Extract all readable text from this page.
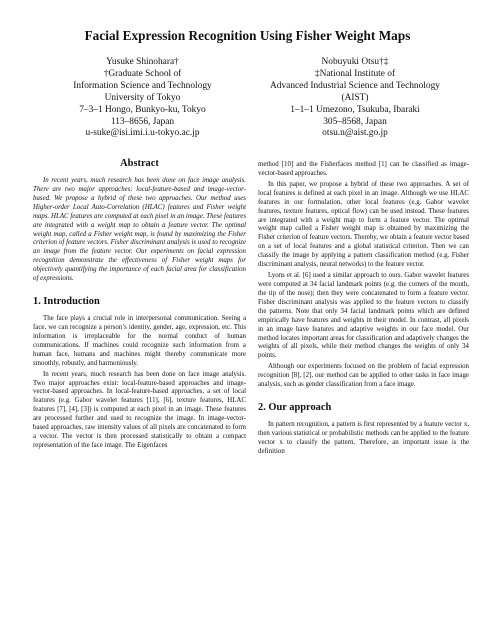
Facial Expression Recognition Using Fisher Weight Maps
Yusuke Shinohara†
†Graduate School of
Information Science and Technology
University of Tokyo
7–3–1 Hongo, Bunkyo-ku, Tokyo
113–8656, Japan
u-suke@isi.imi.i.u-tokyo.ac.jp
Nobuyuki Otsu†‡
‡National Institute of
Advanced Industrial Science and Technology
(AIST)
1–1–1 Umezono, Tsukuba, Ibaraki
305–8568, Japan
otsu.n@aist.go.jp
Abstract

In recent years, much research has been done on face image analysis. There are two major approaches: local-feature-based and image-vector-based. We propose a hybrid of these two approaches. Our method uses Higher-order Local Auto-Correlation (HLAC) features and Fisher weight maps. HLAC features are computed at each pixel in an image. These features are integrated with a weight map to obtain a feature vector. The optimal weight map, called a Fisher weight map, is found by maximizing the Fisher criterion of feature vectors. Fisher discriminant analysis is used to recognize an image from the feature vector. Our experiments on facial expression recognition demonstrate the effectiveness of Fisher weight maps for objectively quantifying the importance of each facial area for classification of expressions.

1. Introduction

The face plays a crucial role in interpersonal communication. Seeing a face, we can recognize a person’s identity, gender, age, expression, etc. This information is irreplaceable for the normal conduct of human communications. If machines could recognize such information from a human face, humans and machines might thereby communicate more smoothly, robustly, and harmoniously.

In recent years, much research has been done on face image analysis. Two major approaches exist: local-feature-based approaches and image-vector-based approaches. In local-feature-based approaches, a set of local features (e.g. Gabor wavelet features [11], [6], texture features, HLAC features [7], [4], [3]) is computed at each pixel in an image. These features are processed further and used to recognize the image. In image-vector-based approaches, raw intensity values of all pixels are concatenated to form a vector. The vector is then processed statistically to obtain a compact representation of the face image. The Eigenfaces

method [10] and the Fisherfaces method [1] can be classified as image-vector-based approaches.

In this paper, we propose a hybrid of these two approaches. A set of local features is defined at each pixel in an image. Although we use HLAC features in our formulation, other local features (e.g. Gabor wavelet features, texture features, optical flow) can be used instead. These features are integrated with a weight map to form a feature vector. The optimal weight map called a Fisher weight map is obtained by maximizing the Fisher criterion of feature vectors. Thereby, we obtain a feature vector based on a set of local features and a global statistical criterion. Then we can classify the image by applying a pattern classification method (e.g. Fisher discriminant analysis, neural networks) to the feature vector.

Lyons et al. [6] used a similar approach to ours. Gabor wavelet features were computed at 34 facial landmark points (e.g. the corners of the mouth, the tip of the nose); then they were concatenated to form a feature vector. Fisher discriminant analysis was applied to the feature vectors to classify the patterns. Note that only 34 facial landmark points which are defined empirically have features and weights in their model. In contrast, all pixels in an image have features and adaptive weights in our face model. Our method locates important areas for classification and adaptively changes the weights of all pixels, while their method changes the weights of only 34 points.

Although our experiments focused on the problem of facial expression recognition [8], [2], our method can be applied to other tasks in face image analysis, such as gender classification from a face image.

2. Our approach

In pattern recognition, a pattern is first represented by a feature vector x, then various statistical or probabilistic methods can be applied to the feature vector x to classify the pattern. Therefore, an important issue is the definition
